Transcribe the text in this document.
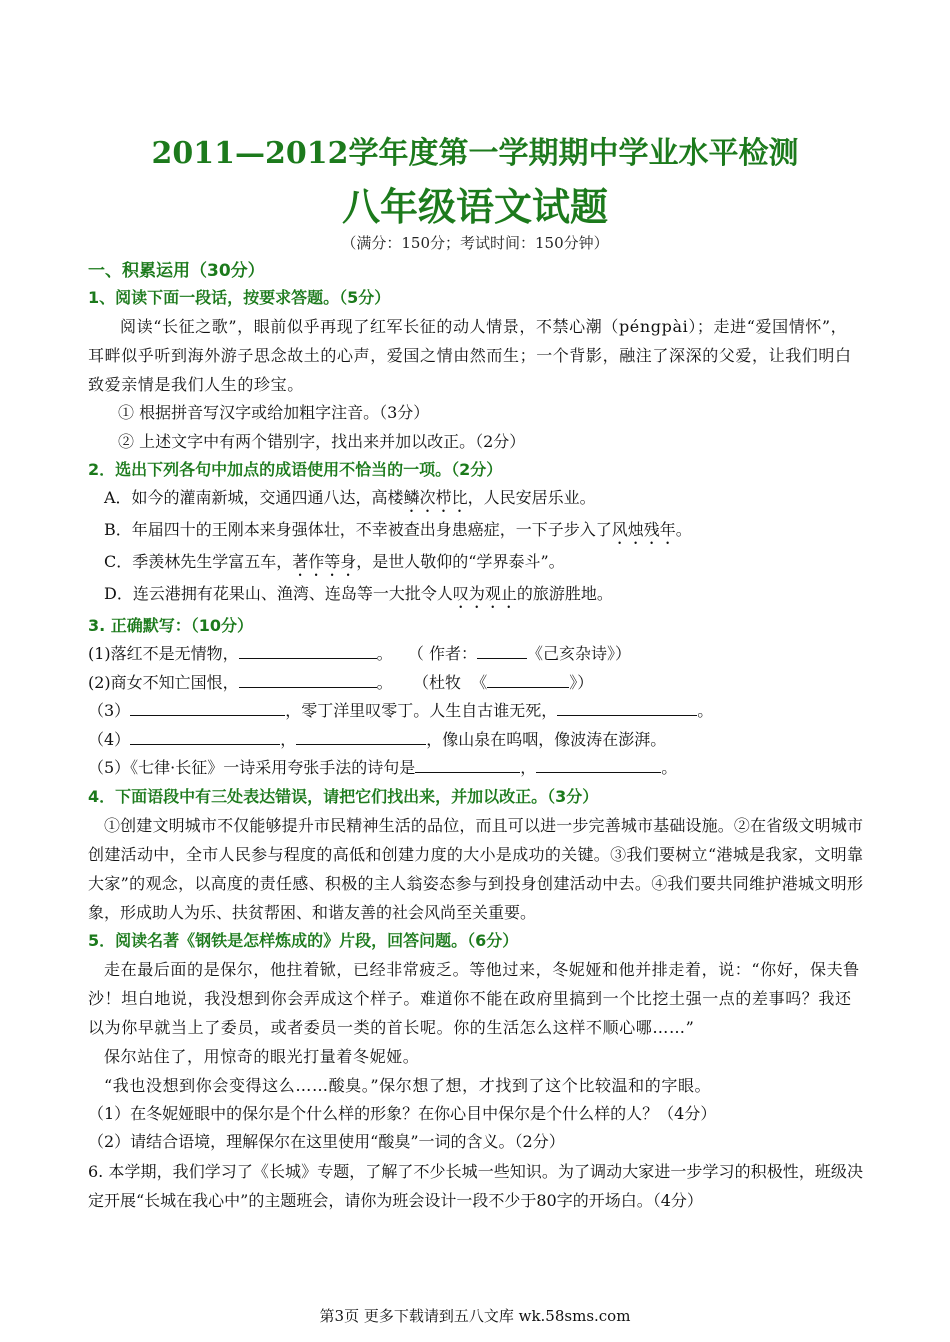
2011—2012学年度第一学期期中学业水平检测
八年级语文试题
（满分：150分；考试时间：150分钟）

一、积累运用（30分）

1、阅读下面一段话，按要求答题。（5分）

阅读“长征之歌”，眼前似乎再现了红军长征的动人情景，不禁心潮（péngpài）；走进“爱国情怀”，耳畔似乎听到海外游子思念故土的心声，爱国之情由然而生；一个背影，融注了深深的父爱，让我们明白致爱亲情是我们人生的珍宝。

① 根据拼音写汉字或给加粗字注音。（3分）

② 上述文字中有两个错别字，找出来并加以改正。（2分）

2．选出下列各句中加点的成语使用不恰当的一项。（2分）

A．如今的灌南新城，交通四通八达，高楼鳞次栉比，人民安居乐业。

B．年届四十的王刚本来身强体壮，不幸被查出身患癌症，一下子步入了风烛残年。

C．季羡林先生学富五车，著作等身，是世人敬仰的“学界泰斗”。

D．连云港拥有花果山、渔湾、连岛等一大批令人叹为观止的旅游胜地。

3. 正确默写：（10分）

(1)落红不是无情物，	。   （ 作者：	《己亥杂诗》）

(2)商女不知亡国恨，	。    （杜牧  《	》）

（3）	，零丁洋里叹零丁。人生自古谁无死，	。

（4）	，	，像山泉在呜咽，像波涛在澎湃。

（5）《七律·长征》一诗采用夸张手法的诗句是	，	。

4．下面语段中有三处表达错误，请把它们找出来，并加以改正。（3分）

①创建文明城市不仅能够提升市民精神生活的品位，而且可以进一步完善城市基础设施。②在省级文明城市创建活动中，全市人民参与程度的高低和创建力度的大小是成功的关键。③我们要树立“港城是我家，文明靠大家”的观念，以高度的责任感、积极的主人翁姿态参与到投身创建活动中去。④我们要共同维护港城文明形象，形成助人为乐、扶贫帮困、和谐友善的社会风尚至关重要。

5．阅读名著《钢铁是怎样炼成的》片段，回答问题。（6分）

走在最后面的是保尔，他拄着锨，已经非常疲乏。等他过来，冬妮娅和他并排走着，说：“你好，保夫鲁沙！坦白地说，我没想到你会弄成这个样子。难道你不能在政府里搞到一个比挖土强一点的差事吗？我还以为你早就当上了委员，或者委员一类的首长呢。你的生活怎么这样不顺心哪……”

保尔站住了，用惊奇的眼光打量着冬妮娅。

“我也没想到你会变得这么……酸臭。”保尔想了想，才找到了这个比较温和的字眼。

（1）在冬妮娅眼中的保尔是个什么样的形象？在你心目中保尔是个什么样的人？（4分）

（2）请结合语境，理解保尔在这里使用“酸臭”一词的含义。（2分）

6. 本学期，我们学习了《长城》专题，了解了不少长城一些知识。为了调动大家进一步学习的积极性，班级决定开展“长城在我心中”的主题班会，请你为班会设计一段不少于80字的开场白。（4分）

第3页 更多下载请到五八文库 wk.58sms.com
